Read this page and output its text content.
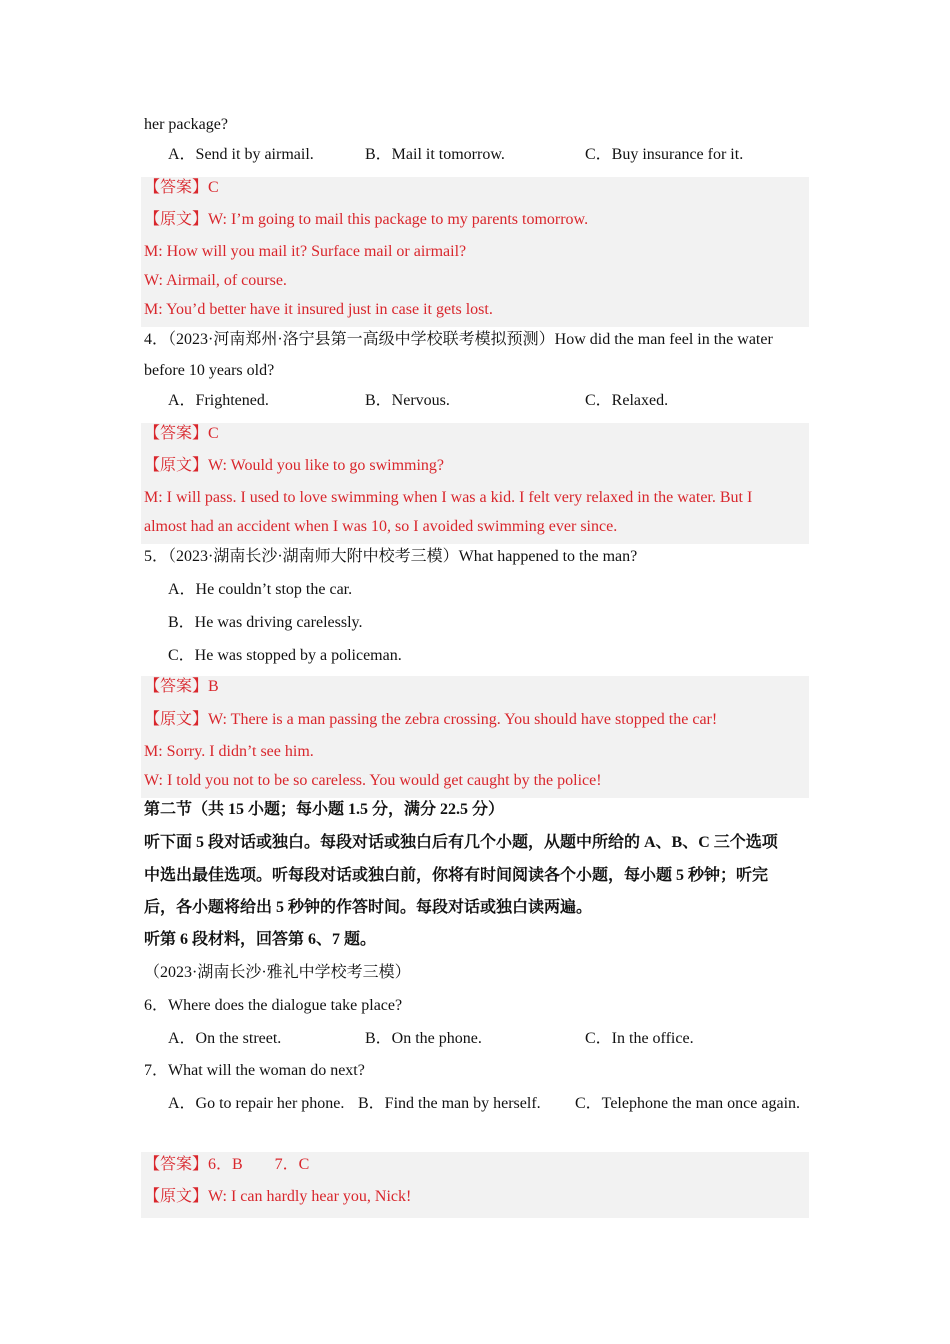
her package?
A．Send it by airmail.	B．Mail it tomorrow.	C．Buy insurance for it.
【答案】C
【原文】W: I’m going to mail this package to my parents tomorrow.
M: How will you mail it? Surface mail or airmail?
W: Airmail, of course.
M: You’d better have it insured just in case it gets lost.
4．（2023·河南郑州·洛宁县第一高级中学校联考模拟预测）How did the man feel in the water
before 10 years old?
A．Frightened.	B．Nervous.	C．Relaxed.
【答案】C
【原文】W: Would you like to go swimming?
M: I will pass. I used to love swimming when I was a kid. I felt very relaxed in the water. But I
almost had an accident when I was 10, so I avoided swimming ever since.
5．（2023·湖南长沙·湖南师大附中校考三模）What happened to the man?
A．He couldn’t stop the car.
B．He was driving carelessly.
C．He was stopped by a policeman.
【答案】B
【原文】W: There is a man passing the zebra crossing. You should have stopped the car!
M: Sorry. I didn’t see him.
W: I told you not to be so careless. You would get caught by the police!
第二节（共 15 小题；每小题 1.5 分，满分 22.5 分）
听下面 5 段对话或独白。每段对话或独白后有几个小题，从题中所给的 A、B、C 三个选项
中选出最佳选项。听每段对话或独白前，你将有时间阅读各个小题，每小题 5 秒钟；听完
后，各小题将给出 5 秒钟的作答时间。每段对话或独白读两遍。
听第 6 段材料，回答第 6、7 题。
（2023·湖南长沙·雅礼中学校考三模）
6．Where does the dialogue take place?
A．On the street.	B．On the phone.	C．In the office.
7．What will the woman do next?
A．Go to repair her phone. B．Find the man by herself. C．Telephone the man once again.
【答案】6．B　　7．C
【原文】W: I can hardly hear you, Nick!
